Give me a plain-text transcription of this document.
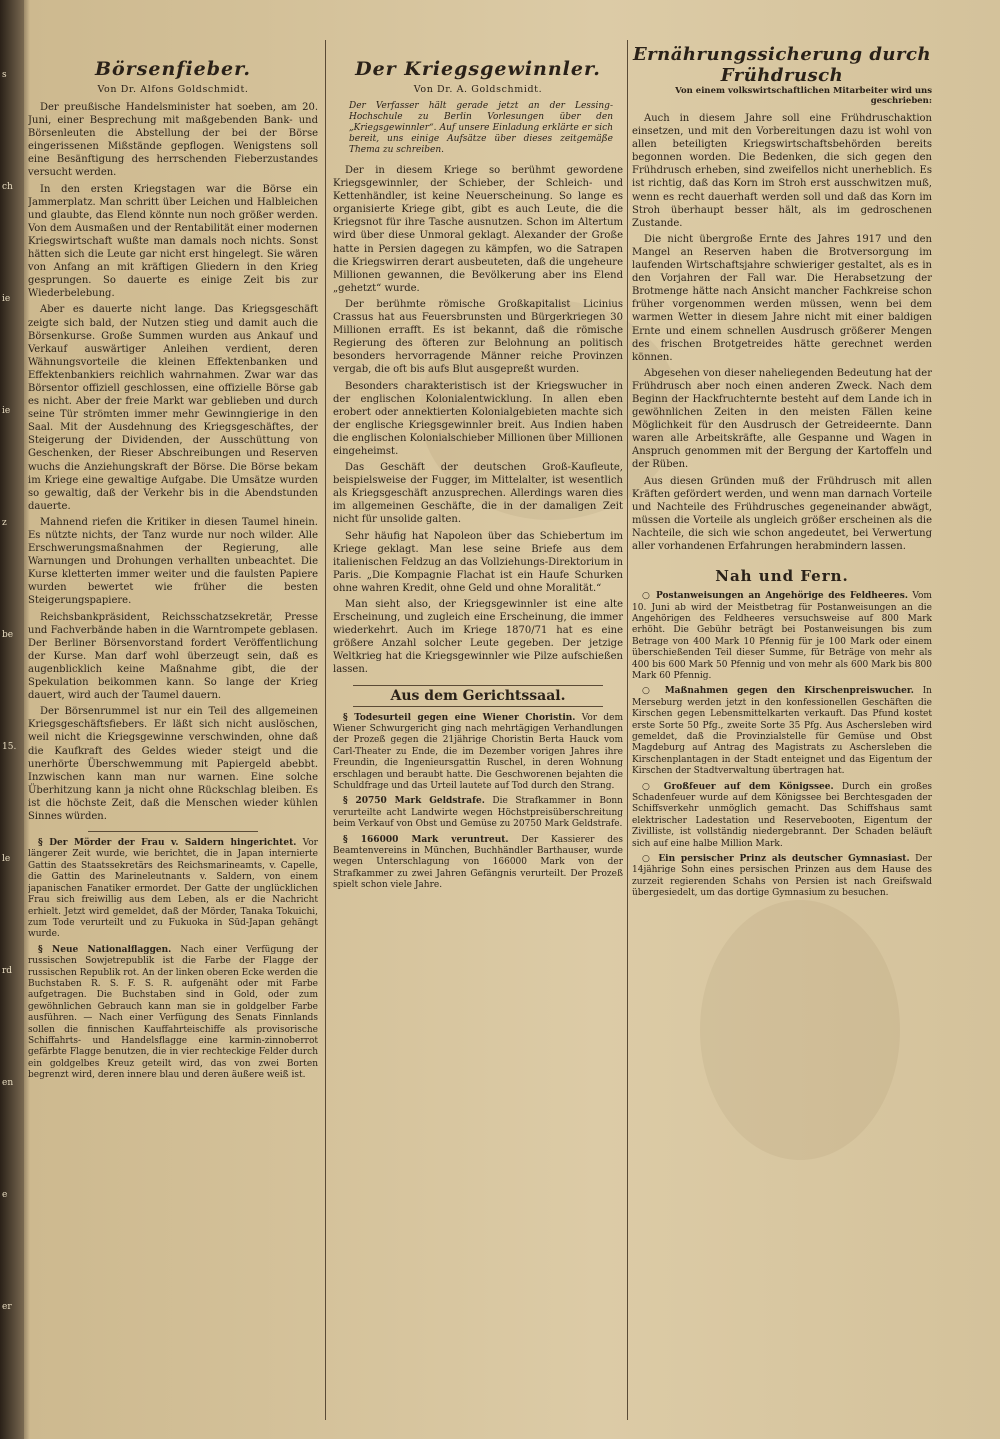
Börsenfieber.
Von Dr. Alfons Goldschmidt.

Der preußische Handelsminister hat soeben, am 20. Juni, einer Besprechung mit maßgebenden Bank- und Börsenleuten die Abstellung der bei der Börse eingerissenen Mißstände gepflogen. Wenigstens soll eine Besänftigung des herrschenden Fieberzustandes versucht werden.

In den ersten Kriegstagen war die Börse ein Jammerplatz. Man schritt über Leichen und Halbleichen und glaubte, das Elend könnte nun noch größer werden. Von dem Ausmaßen und der Rentabilität einer modernen Kriegswirtschaft wußte man damals noch nichts. Sonst hätten sich die Leute gar nicht erst hingelegt. Sie wären von Anfang an mit kräftigen Gliedern in den Krieg gesprungen. So dauerte es einige Zeit bis zur Wiederbelebung.

Aber es dauerte nicht lange. Das Kriegsgeschäft zeigte sich bald, der Nutzen stieg und damit auch die Börsenkurse. Große Summen wurden aus Ankauf und Verkauf auswärtiger Anleihen verdient, deren Wähnungsvorteile die kleinen Effektenbanken und Effektenbankiers reichlich wahrnahmen. Zwar war das Börsentor offiziell geschlossen, eine offizielle Börse gab es nicht. Aber der freie Markt war geblieben und durch seine Tür strömten immer mehr Gewinngierige in den Saal. Mit der Ausdehnung des Kriegsgeschäftes, der Steigerung der Dividenden, der Ausschüttung von Geschenken, der Rieser Abschreibungen und Reserven wuchs die Anziehungskraft der Börse. Die Börse bekam im Kriege eine gewaltige Aufgabe. Die Umsätze wurden so gewaltig, daß der Verkehr bis in die Abendstunden dauerte.

Mahnend riefen die Kritiker in diesen Taumel hinein. Es nützte nichts, der Tanz wurde nur noch wilder. Alle Erschwerungsmaßnahmen der Regierung, alle Warnungen und Drohungen verhallten unbeachtet. Die Kurse kletterten immer weiter und die faulsten Papiere wurden bewertet wie früher die besten Steigerungspapiere.

Reichsbankpräsident, Reichsschatzsekretär, Presse und Fachverbände haben in die Warntrompete geblasen. Der Berliner Börsenvorstand fordert Veröffentlichung der Kurse. Man darf wohl überzeugt sein, daß es augenblicklich keine Maßnahme gibt, die der Spekulation beikommen kann. So lange der Krieg dauert, wird auch der Taumel dauern.

Der Börsenrummel ist nur ein Teil des allgemeinen Kriegsgeschäftsfiebers. Er läßt sich nicht auslöschen, weil nicht die Kriegsgewinne verschwinden, ohne daß die Kaufkraft des Geldes wieder steigt und die unerhörte Überschwemmung mit Papiergeld abebbt. Inzwischen kann man nur warnen. Eine solche Überhitzung kann ja nicht ohne Rückschlag bleiben. Es ist die höchste Zeit, daß die Menschen wieder kühlen Sinnes würden.

§ Der Mörder der Frau v. Saldern hingerichtet. Vor längerer Zeit wurde, wie berichtet, die in Japan internierte Gattin des Staatssekretärs des Reichsmarineamts, v. Capelle, die Gattin des Marineleutnants v. Saldern, von einem japanischen Fanatiker ermordet. Der Gatte der unglücklichen Frau sich freiwillig aus dem Leben, als er die Nachricht erhielt. Jetzt wird gemeldet, daß der Mörder, Tanaka Tokuichi, zum Tode verurteilt und zu Fukuoka in Süd-Japan gehängt wurde.

§ Neue Nationalflaggen. Nach einer Verfügung der russischen Sowjetrepublik ist die Farbe der Flagge der russischen Republik rot. An der linken oberen Ecke werden die Buchstaben R. S. F. S. R. aufgenäht oder mit Farbe aufgetragen. Die Buchstaben sind in Gold, oder zum gewöhnlichen Gebrauch kann man sie in goldgelber Farbe ausführen. — Nach einer Verfügung des Senats Finnlands sollen die finnischen Kauffahrteischiffe als provisorische Schiffahrts- und Handelsflagge eine karmin-zinnoberrot gefärbte Flagge benutzen, die in vier rechteckige Felder durch ein goldgelbes Kreuz geteilt wird, das von zwei Borten begrenzt wird, deren innere blau und deren äußere weiß ist.

Der Kriegsgewinnler.
Von Dr. A. Goldschmidt.
Der Verfasser hält gerade jetzt an der Lessing-Hochschule zu Berlin Vorlesungen über den „Kriegsgewinnler“. Auf unsere Einladung erklärte er sich bereit, uns einige Aufsätze über dieses zeitgemäße Thema zu schreiben.

Der in diesem Kriege so berühmt gewordene Kriegsgewinnler, der Schieber, der Schleich- und Kettenhändler, ist keine Neuerscheinung. So lange es organisierte Kriege gibt, gibt es auch Leute, die die Kriegsnot für ihre Tasche ausnutzen. Schon im Altertum wird über diese Unmoral geklagt. Alexander der Große hatte in Persien dagegen zu kämpfen, wo die Satrapen die Kriegswirren derart ausbeuteten, daß die ungeheure Millionen gewannen, die Bevölkerung aber ins Elend „gehetzt“ wurde.

Der berühmte römische Großkapitalist Licinius Crassus hat aus Feuersbrunsten und Bürgerkriegen 30 Millionen errafft. Es ist bekannt, daß die römische Regierung des öfteren zur Belohnung an politisch besonders hervorragende Männer reiche Provinzen vergab, die oft bis aufs Blut ausgepreßt wurden.

Besonders charakteristisch ist der Kriegswucher in der englischen Kolonialentwicklung. In allen eben erobert oder annektierten Kolonialgebieten machte sich der englische Kriegsgewinnler breit. Aus Indien haben die englischen Kolonialschieber Millionen über Millionen eingeheimst.

Das Geschäft der deutschen Groß-Kaufleute, beispielsweise der Fugger, im Mittelalter, ist wesentlich als Kriegsgeschäft anzusprechen. Allerdings waren dies im allgemeinen Geschäfte, die in der damaligen Zeit nicht für unsolide galten.

Sehr häufig hat Napoleon über das Schiebertum im Kriege geklagt. Man lese seine Briefe aus dem italienischen Feldzug an das Vollziehungs-Direktorium in Paris. „Die Kompagnie Flachat ist ein Haufe Schurken ohne wahren Kredit, ohne Geld und ohne Moralität.“

Man sieht also, der Kriegsgewinnler ist eine alte Erscheinung, und zugleich eine Erscheinung, die immer wiederkehrt. Auch im Kriege 1870/71 hat es eine größere Anzahl solcher Leute gegeben. Der jetzige Weltkrieg hat die Kriegsgewinnler wie Pilze aufschießen lassen.

Aus dem Gerichtssaal.

§ Todesurteil gegen eine Wiener Choristin. Vor dem Wiener Schwurgericht ging nach mehrtägigen Verhandlungen der Prozeß gegen die 21jährige Choristin Berta Hauck vom Carl-Theater zu Ende, die im Dezember vorigen Jahres ihre Freundin, die Ingenieursgattin Ruschel, in deren Wohnung erschlagen und beraubt hatte. Die Geschworenen bejahten die Schuldfrage und das Urteil lautete auf Tod durch den Strang.

§ 20750 Mark Geldstrafe. Die Strafkammer in Bonn verurteilte acht Landwirte wegen Höchstpreisüberschreitung beim Verkauf von Obst und Gemüse zu 20750 Mark Geldstrafe.

§ 166000 Mark veruntreut. Der Kassierer des Beamtenvereins in München, Buchhändler Barthauser, wurde wegen Unterschlagung von 166000 Mark von der Strafkammer zu zwei Jahren Gefängnis verurteilt. Der Prozeß spielt schon viele Jahre.

Ernährungssicherung durch Frühdrusch
Von einem volkswirtschaftlichen Mitarbeiter wird uns geschrieben:

Auch in diesem Jahre soll eine Frühdruschaktion einsetzen, und mit den Vorbereitungen dazu ist wohl von allen beteiligten Kriegswirtschaftsbehörden bereits begonnen worden. Die Bedenken, die sich gegen den Frühdrusch erheben, sind zweifellos nicht unerheblich. Es ist richtig, daß das Korn im Stroh erst ausschwitzen muß, wenn es recht dauerhaft werden soll und daß das Korn im Stroh überhaupt besser hält, als im gedroschenen Zustande.

Die nicht übergroße Ernte des Jahres 1917 und den Mangel an Reserven haben die Brotversorgung im laufenden Wirtschaftsjahre schwieriger gestaltet, als es in den Vorjahren der Fall war. Die Herabsetzung der Brotmenge hätte nach Ansicht mancher Fachkreise schon früher vorgenommen werden müssen, wenn bei dem warmen Wetter in diesem Jahre nicht mit einer baldigen Ernte und einem schnellen Ausdrusch größerer Mengen des frischen Brotgetreides hätte gerechnet werden können.

Abgesehen von dieser naheliegenden Bedeutung hat der Frühdrusch aber noch einen anderen Zweck. Nach dem Beginn der Hackfruchternte besteht auf dem Lande ich in gewöhnlichen Zeiten in den meisten Fällen keine Möglichkeit für den Ausdrusch der Getreideernte. Dann waren alle Arbeitskräfte, alle Gespanne und Wagen in Anspruch genommen mit der Bergung der Kartoffeln und der Rüben.

Aus diesen Gründen muß der Frühdrusch mit allen Kräften gefördert werden, und wenn man darnach Vorteile und Nachteile des Frühdrusches gegeneinander abwägt, müssen die Vorteile als ungleich größer erscheinen als die Nachteile, die sich wie schon angedeutet, bei Verwertung aller vorhandenen Erfahrungen herabmindern lassen.

Nah und Fern.

○ Postanweisungen an Angehörige des Feldheeres. Vom 10. Juni ab wird der Meistbetrag für Postanweisungen an die Angehörigen des Feldheeres versuchsweise auf 800 Mark erhöht. Die Gebühr beträgt bei Postanweisungen bis zum Betrage von 400 Mark 10 Pfennig für je 100 Mark oder einem überschießenden Teil dieser Summe, für Beträge von mehr als 400 bis 600 Mark 50 Pfennig und von mehr als 600 Mark bis 800 Mark 60 Pfennig.

○ Maßnahmen gegen den Kirschenpreiswucher. In Merseburg werden jetzt in den konfessionellen Geschäften die Kirschen gegen Lebensmittelkarten verkauft. Das Pfund kostet erste Sorte 50 Pfg., zweite Sorte 35 Pfg. Aus Aschersleben wird gemeldet, daß die Provinzialstelle für Gemüse und Obst Magdeburg auf Antrag des Magistrats zu Aschersleben die Kirschenplantagen in der Stadt enteignet und das Eigentum der Kirschen der Stadtverwaltung übertragen hat.

○ Großfeuer auf dem Königssee. Durch ein großes Schadenfeuer wurde auf dem Königssee bei Berchtesgaden der Schiffsverkehr unmöglich gemacht. Das Schiffshaus samt elektrischer Ladestation und Reservebooten, Eigentum der Zivilliste, ist vollständig niedergebrannt. Der Schaden beläuft sich auf eine halbe Million Mark.

○ Ein persischer Prinz als deutscher Gymnasiast. Der 14jährige Sohn eines persischen Prinzen aus dem Hause des zurzeit regierenden Schahs von Persien ist nach Greifswald übergesiedelt, um das dortige Gymnasium zu besuchen.

s
ch
ie
ie
z
be
15.
le
rd
en
e
er
